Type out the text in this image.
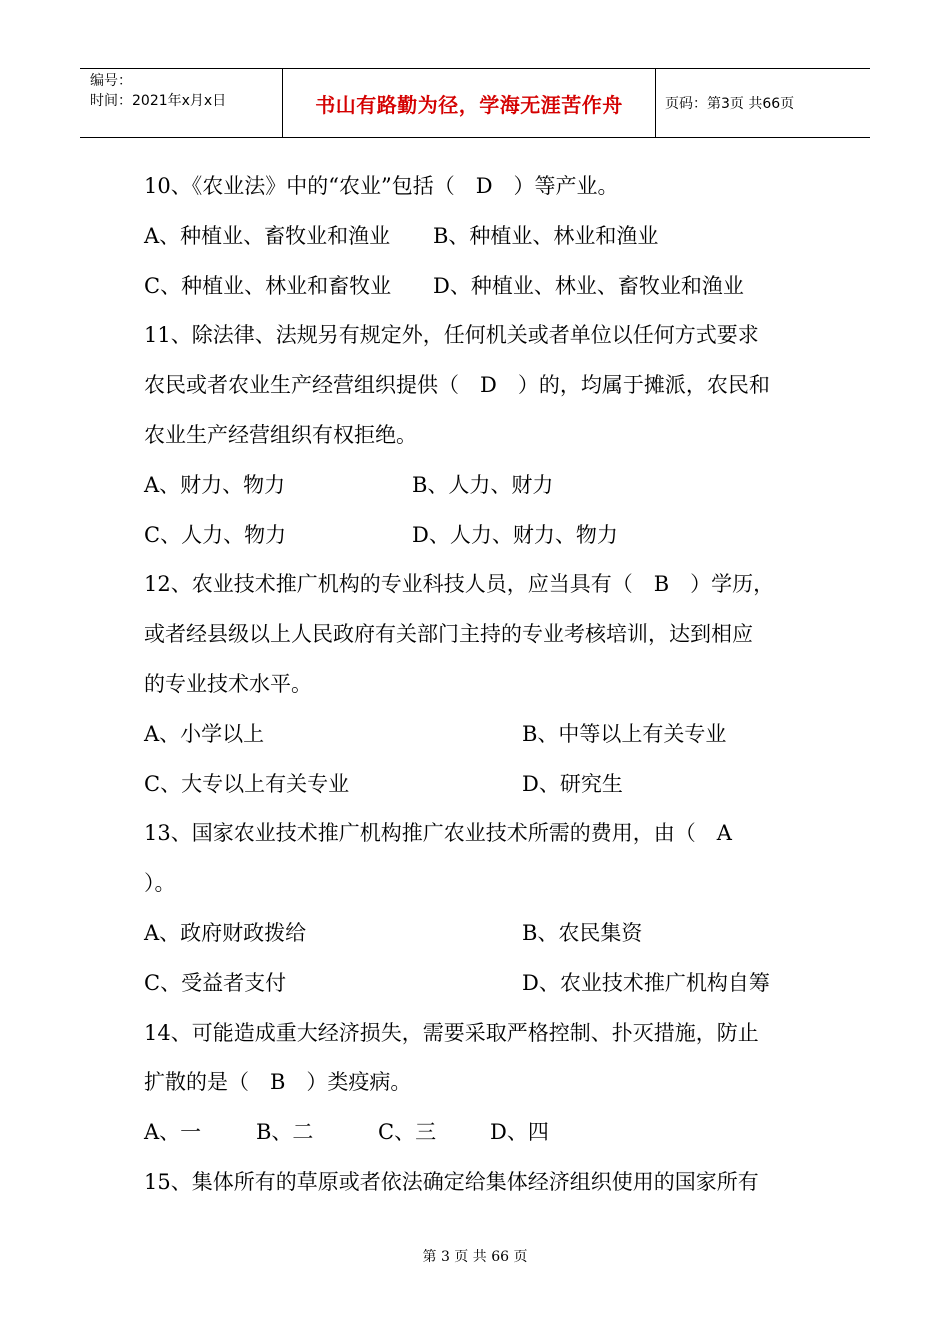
编号：
时间：2021年x月x日	书山有路勤为径，学海无涯苦作舟	页码：第3页 共66页
10、《农业法》中的“农业”包括（　D　）等产业。
A、种植业、畜牧业和渔业 B、种植业、林业和渔业
C、种植业、林业和畜牧业 D、种植业、林业、畜牧业和渔业
11、除法律、法规另有规定外，任何机关或者单位以任何方式要求
农民或者农业生产经营组织提供（　D　）的，均属于摊派，农民和
农业生产经营组织有权拒绝。
A、财力、物力	B、人力、财力
C、人力、物力	D、人力、财力、物力
12、农业技术推广机构的专业科技人员，应当具有（　B　）学历，
或者经县级以上人民政府有关部门主持的专业考核培训，达到相应
的专业技术水平。
A、小学以上	B、中等以上有关专业
C、大专以上有关专业	D、研究生
13、国家农业技术推广机构推广农业技术所需的费用，由（　A
）。
A、政府财政拨给	B、农民集资
C、受益者支付	D、农业技术推广机构自筹
14、可能造成重大经济损失，需要采取严格控制、扑灭措施，防止
扩散的是（　B　）类疫病。
A、一	B、二	C、三	D、四
15、集体所有的草原或者依法确定给集体经济组织使用的国家所有
第 3 页 共 66 页
